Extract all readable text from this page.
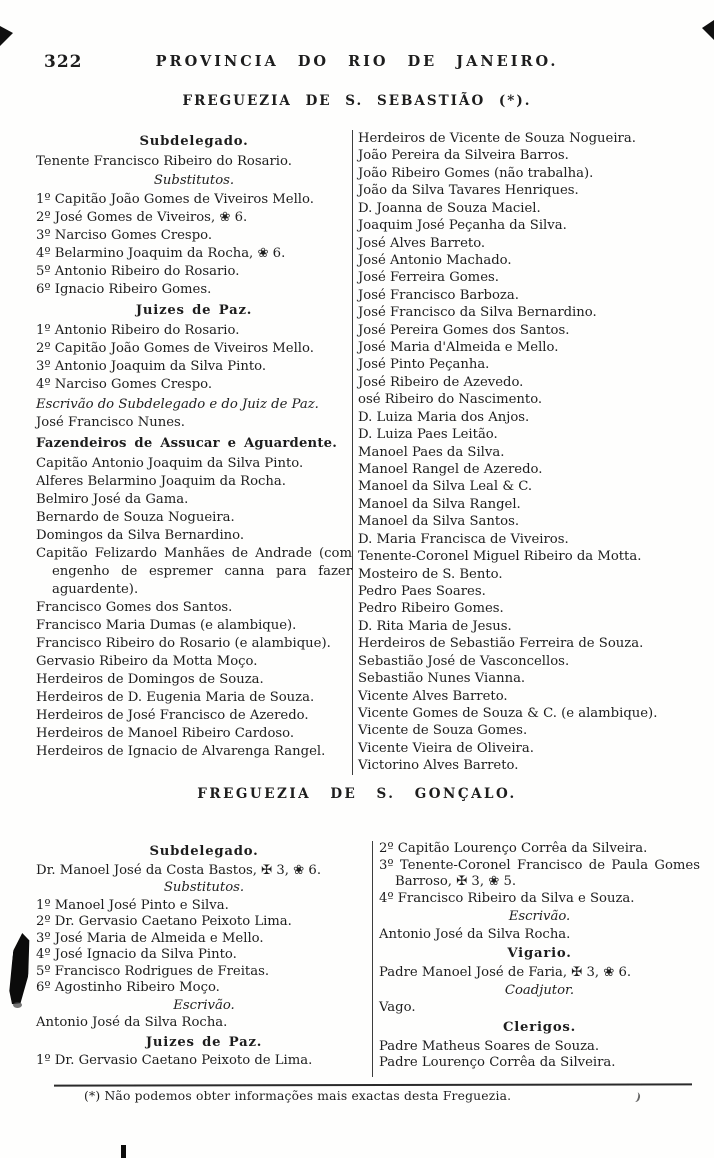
322	PROVINCIA DO RIO DE JANEIRO.
FREGUEZIA DE S. SEBASTIÃO (*).
Subdelegado.
Tenente Francisco Ribeiro do Rosario.
Substitutos.
1º Capitão João Gomes de Viveiros Mello.
2º José Gomes de Viveiros, ❀ 6.
3º Narciso Gomes Crespo.
4º Belarmino Joaquim da Rocha, ❀ 6.
5º Antonio Ribeiro do Rosario.
6º Ignacio Ribeiro Gomes.
Juizes de Paz.
1º Antonio Ribeiro do Rosario.
2º Capitão João Gomes de Viveiros Mello.
3º Antonio Joaquim da Silva Pinto.
4º Narciso Gomes Crespo.
Escrivão do Subdelegado e do Juiz de Paz.
José Francisco Nunes.
Fazendeiros de Assucar e Aguardente.
Capitão Antonio Joaquim da Silva Pinto.
Alferes Belarmino Joaquim da Rocha.
Belmiro José da Gama.
Bernardo de Souza Nogueira.
Domingos da Silva Bernardino.
Capitão Felizardo Manhães de Andrade (com engenho de espremer canna para fazer aguardente).
Francisco Gomes dos Santos.
Francisco Maria Dumas (e alambique).
Francisco Ribeiro do Rosario (e alambique).
Gervasio Ribeiro da Motta Moço.
Herdeiros de Domingos de Souza.
Herdeiros de D. Eugenia Maria de Souza.
Herdeiros de José Francisco de Azeredo.
Herdeiros de Manoel Ribeiro Cardoso.
Herdeiros de Ignacio de Alvarenga Rangel.
Herdeiros de Vicente de Souza Nogueira.
João Pereira da Silveira Barros.
João Ribeiro Gomes (não trabalha).
João da Silva Tavares Henriques.
D. Joanna de Souza Maciel.
Joaquim José Peçanha da Silva.
José Alves Barreto.
José Antonio Machado.
José Ferreira Gomes.
José Francisco Barboza.
José Francisco da Silva Bernardino.
José Pereira Gomes dos Santos.
José Maria d'Almeida e Mello.
José Pinto Peçanha.
José Ribeiro de Azevedo.
osé Ribeiro do Nascimento.
D. Luiza Maria dos Anjos.
D. Luiza Paes Leitão.
Manoel Paes da Silva.
Manoel Rangel de Azeredo.
Manoel da Silva Leal & C.
Manoel da Silva Rangel.
Manoel da Silva Santos.
D. Maria Francisca de Viveiros.
Tenente-Coronel Miguel Ribeiro da Motta.
Mosteiro de S. Bento.
Pedro Paes Soares.
Pedro Ribeiro Gomes.
D. Rita Maria de Jesus.
Herdeiros de Sebastião Ferreira de Souza.
Sebastião José de Vasconcellos.
Sebastião Nunes Vianna.
Vicente Alves Barreto.
Vicente Gomes de Souza & C. (e alambique).
Vicente de Souza Gomes.
Vicente Vieira de Oliveira.
Victorino Alves Barreto.
FREGUEZIA DE S. GONÇALO.
Subdelegado.
Dr. Manoel José da Costa Bastos, ✠ 3, ❀ 6.
Substitutos.
1º Manoel José Pinto e Silva.
2º Dr. Gervasio Caetano Peixoto Lima.
3º José Maria de Almeida e Mello.
4º José Ignacio da Silva Pinto.
5º Francisco Rodrigues de Freitas.
6º Agostinho Ribeiro Moço.
Escrivão.
Antonio José da Silva Rocha.
Juizes de Paz.
1º Dr. Gervasio Caetano Peixoto de Lima.
2º Capitão Lourenço Corrêa da Silveira.
3º Tenente-Coronel Francisco de Paula Gomes Barroso, ✠ 3, ❀ 5.
4º Francisco Ribeiro da Silva e Souza.
Escrivão.
Antonio José da Silva Rocha.
Vigario.
Padre Manoel José de Faria, ✠ 3, ❀ 6.
Coadjutor.
Vago.
Clerigos.
Padre Matheus Soares de Souza.
Padre Lourenço Corrêa da Silveira.
(*) Não podemos obter informações mais exactas desta Freguezia.
